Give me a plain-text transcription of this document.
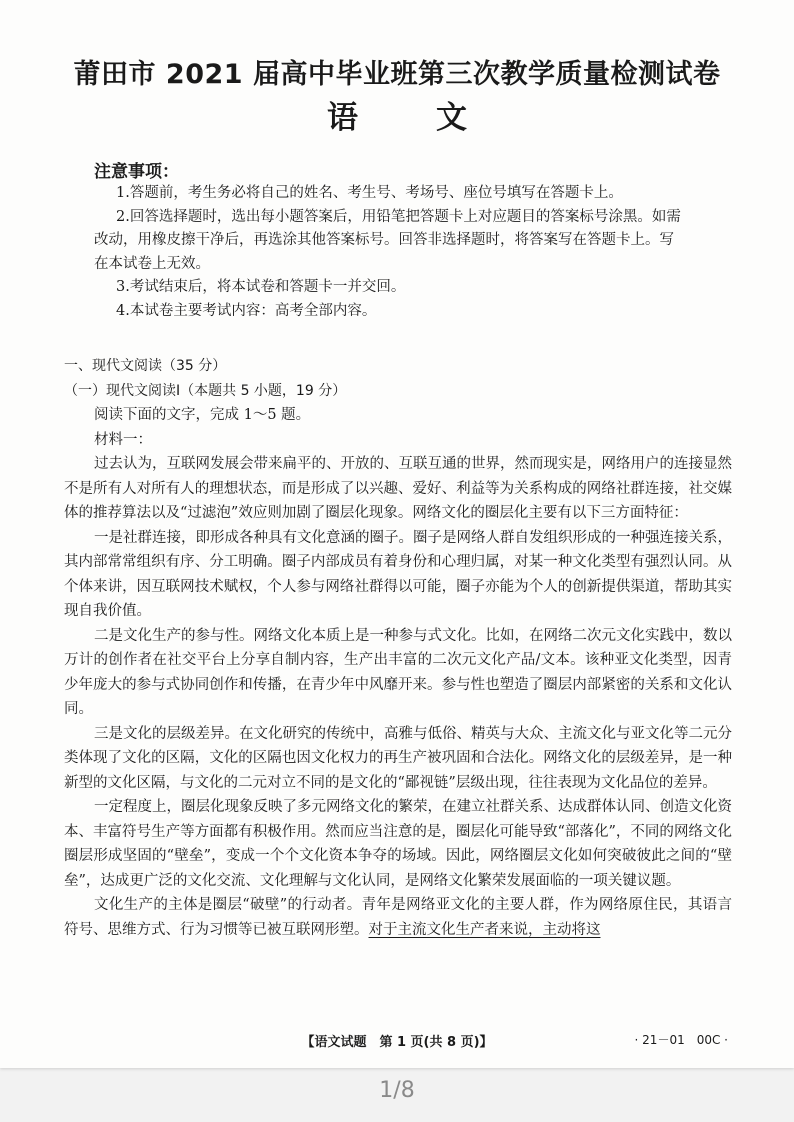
莆田市 2021 届高中毕业班第三次教学质量检测试卷
语文
注意事项：
1.答题前，考生务必将自己的姓名、考生号、考场号、座位号填写在答题卡上。
2.回答选择题时，选出每小题答案后，用铅笔把答题卡上对应题目的答案标号涂黑。如需改动，用橡皮擦干净后，再选涂其他答案标号。回答非选择题时，将答案写在答题卡上。写在本试卷上无效。
3.考试结束后，将本试卷和答题卡一并交回。
4.本试卷主要考试内容：高考全部内容。
一、现代文阅读（35 分）
（一）现代文阅读Ⅰ（本题共 5 小题，19 分）
阅读下面的文字，完成 1～5 题。
材料一：
过去认为，互联网发展会带来扁平的、开放的、互联互通的世界，然而现实是，网络用户的连接显然不是所有人对所有人的理想状态，而是形成了以兴趣、爱好、利益等为关系构成的网络社群连接，社交媒体的推荐算法以及“过滤泡”效应则加剧了圈层化现象。网络文化的圈层化主要有以下三方面特征：
一是社群连接，即形成各种具有文化意涵的圈子。圈子是网络人群自发组织形成的一种强连接关系，其内部常常组织有序、分工明确。圈子内部成员有着身份和心理归属，对某一种文化类型有强烈认同。从个体来讲，因互联网技术赋权，个人参与网络社群得以可能，圈子亦能为个人的创新提供渠道，帮助其实现自我价值。
二是文化生产的参与性。网络文化本质上是一种参与式文化。比如，在网络二次元文化实践中，数以万计的创作者在社交平台上分享自制内容，生产出丰富的二次元文化产品/文本。该种亚文化类型，因青少年庞大的参与式协同创作和传播，在青少年中风靡开来。参与性也塑造了圈层内部紧密的关系和文化认同。
三是文化的层级差异。在文化研究的传统中，高雅与低俗、精英与大众、主流文化与亚文化等二元分类体现了文化的区隔，文化的区隔也因文化权力的再生产被巩固和合法化。网络文化的层级差异，是一种新型的文化区隔，与文化的二元对立不同的是文化的“鄙视链”层级出现，往往表现为文化品位的差异。
一定程度上，圈层化现象反映了多元网络文化的繁荣，在建立社群关系、达成群体认同、创造文化资本、丰富符号生产等方面都有积极作用。然而应当注意的是，圈层化可能导致“部落化”，不同的网络文化圈层形成坚固的“壁垒”，变成一个个文化资本争夺的场域。因此，网络圈层文化如何突破彼此之间的“壁垒”，达成更广泛的文化交流、文化理解与文化认同，是网络文化繁荣发展面临的一项关键议题。
文化生产的主体是圈层“破壁”的行动者。青年是网络亚文化的主要人群，作为网络原住民，其语言符号、思维方式、行为习惯等已被互联网形塑。对于主流文化生产者来说，主动将这
【语文试题　第 1 页(共 8 页)】	· 21－01　00C ·
1/8
